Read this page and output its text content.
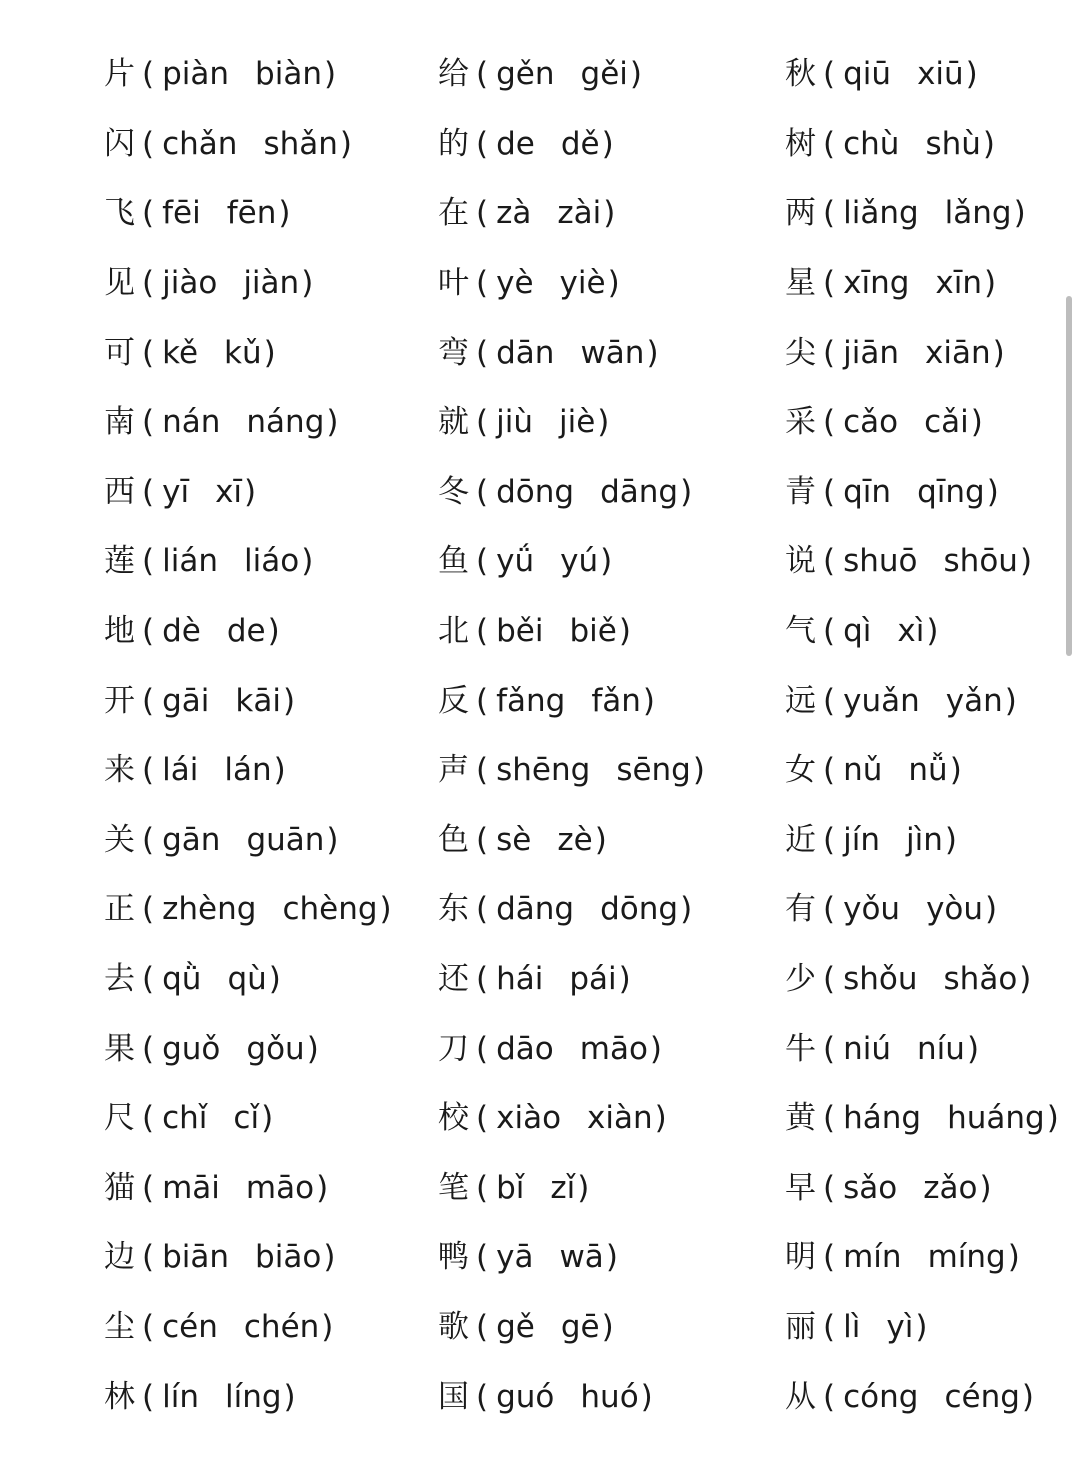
片 ( piàn biàn )	给 ( gěn gěi )	秋 ( qiū xiū )
闪 ( chǎn shǎn )	的 ( de dě )	树 ( chù shù )
飞 ( fēi fēn )	在 ( zà zài )	两 ( liǎng lǎng )
见 ( jiào jiàn )	叶 ( yè yiè )	星 ( xīng xīn )
可 ( kě kǔ )	弯 ( dān wān )	尖 ( jiān xiān )
南 ( nán náng )	就 ( jiù jiè )	采 ( cǎo cǎi )
西 ( yī xī )	冬 ( dōng dāng )	青 ( qīn qīng )
莲 ( lián liáo )	鱼 ( yǘ yú )	说 ( shuō shōu )
地 ( dè de )	北 ( běi biě )	气 ( qì xì )
开 ( gāi kāi )	反 ( fǎng fǎn )	远 ( yuǎn yǎn )
来 ( lái lán )	声 ( shēng sēng )	女 ( nǔ nǚ )
关 ( gān guān )	色 ( sè zè )	近 ( jín jìn )
正 ( zhèng chèng ) 东 ( dāng dōng )	有 ( yǒu yòu )
去 ( qǜ qù )	还 ( hái pái )	少 ( shǒu shǎo )
果 ( guǒ gǒu )	刀 ( dāo māo )	牛 ( niú níu )
尺 ( chǐ cǐ )	校 ( xiào xiàn )	黄 ( háng huáng )
猫 ( māi māo )	笔 ( bǐ zǐ )	早 ( sǎo zǎo )
边 ( biān biāo )	鸭 ( yā wā )	明 ( mín míng )
尘 ( cén chén )	歌 ( gě gē )	丽 ( lì yì )
林 ( lín líng )	国 ( guó huó )	从 ( cóng céng )
